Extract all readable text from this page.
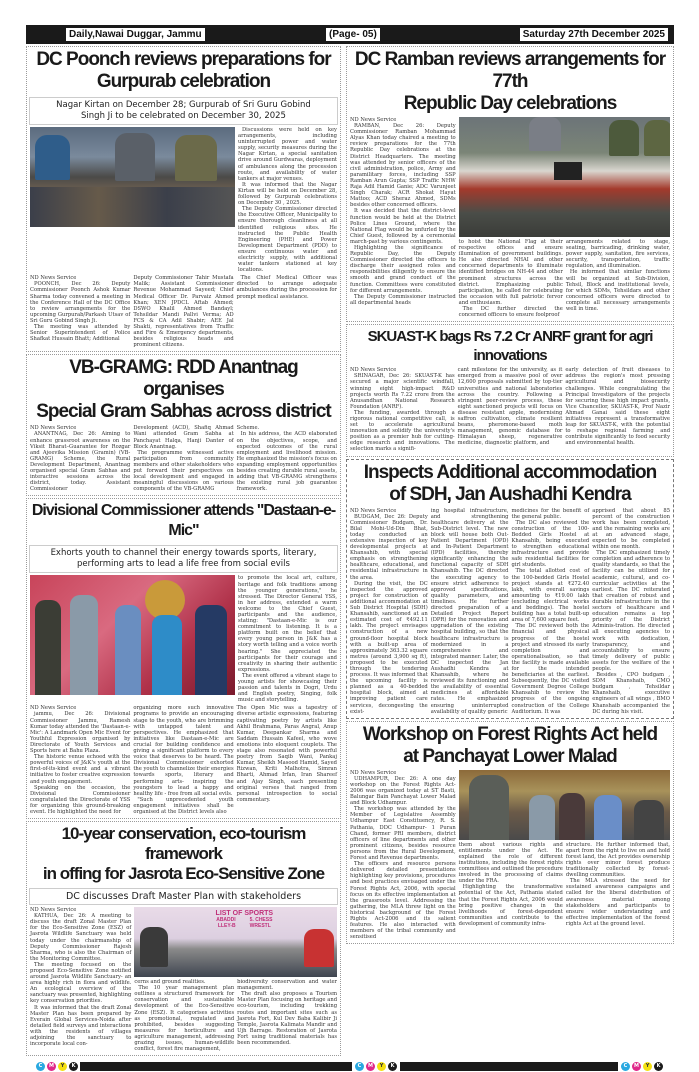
Daily,Nawai Duggar, Jammu	(Page- 05)	Saturday 27th December 2025
DC Poonch reviews preparations for
Gurpurab celebration
Nagar Kirtan on December 28; Gurpurab of Sri Guru Gobind
Singh Ji to be celebrated on December 30, 2025

Discussions were held on key arrangements, including uninterrupted power and water supply, security measures during the Nagar Kirtan, a special sanitation drive around Gurdwaras, deployment of ambulances along the procession route, and availability of water tankers at major venues.

It was informed that the Nagar Kirtan will be held on December 28, followed by Gurpurab celebrations on December 30 , 2025.

The Deputy Commissioner directed the Executive Officer, Municipality to ensure thorough cleanliness at all identified religious sites. He instructed the Public Health Engineering (PHE) and Power Development Department (PDD) to ensure continuous water and electricity supply, with additional water tankers stationed at key locations.

ND News Service

POONCH, Dec 26: Deputy Commissioner Poonch Ashok Kumar Sharma today convened a meeting in the Conference Hall of the DC Office to review arrangements for the upcoming Gurpurab/Parkash Utsav of Sri Guru Gobind Singh Ji.

The meeting was attended by Senior Superintendent of Police Shafkat Hussain Bhatt; Additional

Deputy Commissioner Tahir Mustafa Malik; Assistant Commissioner Revenue Mohammad Sayeed; Chief Medical Officer Dr. Parvaiz Ahmed Khan; XEN JPDCL Aftab Ahmed; DSWO Khalil Ahmed Bandayl; Tehsildar Mandi Pallvi Verma; AD FCS & CA Adil Shabir; AEE Jal Shakti, representatives from Traffic and Fire & Emergency departments, besides religious heads and prominent citizens.

The Chief Medical Officer was directed to arrange adequate ambulances during the procession for prompt medical assistance.

VB-GRAMG: RDD Anantnag organises
Special Gram Sabhas across district

ND News Service

ANANTNAG, Dec 26: Aiming to enhance grassroot awareness on the Viksit Bharat–Guarantee for Rozgar and Ajeevika Mission (Gramin) (VB-GRAMG) Scheme, the Rural Development Department, Anantnag organised special Gram Sabhas and interactive sessions across the district, today. Assistant Commissioner

Development (ACD), Shafiq Ahmad Wani attended Gram Sabha at Panchayat Halqa, Hanji Danter of Block Anantnag.

The programme witnessed active participation from community members and other stakeholders who put forward their perspectives on local development and engaged in meaningful discussions on various components of the VB-GRAMG

Scheme.

In his address, the ACD elaborated on the objectives, scope, and expected outcomes of the rural employment and livelihood mission. He emphasized the mission's focus on expanding employment opportunities besides creating durable rural assets, adding that VB-GRAMG strengthens the existing rural job guarantee framework.

Divisional Commissioner attends "Dastaan-e-Mic"
Exhorts youth to channel their energy towards sports, literary,
performing arts to lead a life free from social evils

to promote the local art, culture, heritage and folk traditions among the younger generations," he stressed. The Director General YSS, in her address, extended a warm welcome to the Chief Guest, participants and the audience, stating: "Dastaan-e-Mic is our commitment to listening. It is a platform built on the belief that every young person in J&K has a story worth telling and a voice worth hearing." She appreciated the participants for their courage and creativity in sharing their authentic expressions.

The event offered a vibrant stage to young artists for showcasing their passion and talents in Dogri, Urdu and English poetry, Singing, folk music and storytelling.

ND News Service

jammu, Dec 26: Divisional Commissioner Jammu, Ramesh Kumar today attended the 'Dastaan-e-Mic': A Landmark Open Mic Event for Youthful Expression organised by Directorate of Youth Services and Sports here at Bahu Plaza.

The historic venue echoed with the powerful voices of J&K's youth at the first-of-its-kind event and a vibrant initiative to foster creative expression and youth engagement.

Speaking on the occasion, the Divisional Commissioner congratulated the Directorate of YSS for organizing this ground-breaking event. He highlighted the need for

organizing more such innovative programs to provide an encouraging stage to the youth, who are brimming with untapped talent and perspectives. He emphasized that initiatives like Dastaan-e-Mic are crucial for building confidence and giving a significant platform to every voice that deserves to be heard. The Divisional Commissioner exhorted the youth to channelize their energies towards sports, literary and performing arts- inspiring the youngsters to lead a happy and healthy life - free from all social evils.

"Such unprecedented youth engagement initiatives shall be organised at the District levels also

The Open Mic was a tapestry of diverse artistic expressions, featuring captivating poetry by artists like Akhil Brahmana, Paras Angral, Anup Kumar, Deepankar Sharma and Saddam Hussain Kafeel, who wove emotions into eloquent couplets. The stage also resonated with powerful poetry from Saqib Wani, Pankaj Kumar, Sheikh Masood Hamid, Sayed Rizwan, Kriti Malhotra, Simran Bharti, Ahmad Irfan, Iran Shareef and Ajay Singh, each presenting original verses that ranged from personal introspection to social commentary.

10-year conservation, eco-tourism framework
in offing for Jasrota Eco-Sensitive Zone
DC discusses Draft Master Plan with stakeholders

ND News Service

KATHUA, Dec 26: A meeting to discuss the draft Zonal Master Plan for the Eco-Sensitive Zone (ESZ) of Jasrota Wildlife Sanctuary was held today under the chairmanship of Deputy Commissioner Rajesh Sharma, who is also the Chairman of the Monitoring Committee.

The meeting focused on the proposed Eco-Sensitive Zone notified around Jasrota Wildlife Sanctuary- an area highly rich in flora and wildlife. An ecological overview of the sanctuary was presented, highlighting key conservation priorities.

It was informed that the draft Zonal Master Plan has been prepared by Everain Global Services-Noida after detailed field surveys and interactions with the residents of villages adjoining the sanctuary to incorporate local con-

LIST OF SPORTS
ABADDI	5. CHESS
LLEY-B	WRESTL

cerns and ground realities.

The 10 year management plan outlines a structured framework for conservation and sustainable development of the Eco-Sensitive Zone (ESZ). It categorises activities as promotional, regulated and prohibited, besides suggesting measures for horticulture and agriculture management, addressing grazing issues, human-wildlife conflict, forest fire management,

biodiversity conservation and water management.

The draft also proposes a Tourism Master Plan focusing on heritage and eco-tourism, including trekking routes and important sites such as Jasrota Fort, Kul Dev Baba Kalibir Ji Temple, Jasrota Kalimata Mandir and Ujh Barrage. Restoration of Jasrota Fort using traditional materials has been recommended.

DC Ramban reviews arrangements for 77th
Republic Day celebrations

ND News Service

RAMBAN, Dec 26: Deputy Commissioner Ramban Mohammad Alyas Khan today chaired a meeting to review preparations for the 77th Republic Day celebrations at the District Headquarters. The meeting was attended by senior officers of the civil administration, police, Army and paramilitary forces, including SSP Ramban Arun Gupta; SSP Traffic NHW Raja Adil Hamid Ganie; ADC Varunjeet Singh Charak; ACR Shokat Hayat Mattoo; ACD Sheraz Ahmed, SDMs besides other concerned officers.

It was decided that the district-level function would be held at the District Police Lines Ground, where the National Flag would be unfurled by the Chief Guest, followed by a ceremonial march-past by various contingents.

Highlighting the significance of Republic Day, the Deputy Commissioner directed the officers to discharge their assigned roles and responsibilities diligently to ensure the smooth and grand conduct of the function. Committees were constituted for different arrangements.

The Deputy Commissioner instructed all departmental heads

to hoist the National Flag at their respective offices and ensure illumination of government buildings. He also directed NHAI and other concerned departments to illuminate identified bridges on NH-44 and other prominent structures across the district. Emphasizing public participation, he called for celebrating the occasion with full patriotic fervor and enthusiasm.

The DC further directed the concerned officers to ensure foolproof

arrangements related to stage, seating, barricading, drinking water, power supply, sanitation, fire services, security, transportation, traffic regulation, and illumination.

He informed that similar functions will be organized at Sub-Division, Tehsil, Block and institutional levels, for which SDMs, Tehsildars and other concerned officers were directed to complete all necessary arrangements well in time.

SKUAST-K bags Rs 7.2 Cr ANRF grant for agri innovations

ND News Service

SRINAGAR, Dec 26: SKUAST-K has secured a major scientific windfall, winning eight high-impact R&D projects worth Rs 7.22 crore from the Anusandhan National Research Foundation (ANRF).

The funding, awarded through a rigorous national competitive call, is set to accelerate agricultural innovation and solidify the university's position as a premier hub for cutting-edge research and innovations. The selection marks a signifi-

cant milestone for the university, as it emerged from a massive pool of over 12,600 proposals submitted by top-tier universities and national laboratories across the country. Following a stringent peer-review process, these eight sanctioned projects will focus on disease resistant apple, modernising saffron cultivation, climate resilient beans, pheromone-based moth management, genomic database for Himalayan sheep, regenerative medicine, diagnostic platform, and

early detection of fruit diseases to address the region's most pressing agricultural and biosecurity challenges. While congratulating the Principal Investigators of the projects for securing these high impact grants, Vice Chancellor, SKUAST-K, Prof Nazir Ahmad Ganai said these eight initiatives represent a transformative leap for SKUAST-K, with the potential to reshape regional farming and contribute significantly to food security and environmental health.

Inspects Additional accommodation
of SDH, Jan Aushadhi Kendra

ND News Service

BUDGAM, Dec 26: Deputy Commissioner Budgam, Dr. Bilal Mohi-Ud-Din Bhat, today conducted an extensive inspection of key developmental projects at Khansahib, with special emphasis on strengthening healthcare, educational, and residential infrastructure in the area.

During the visit, the DC inspected the approved project for construction of additional accommodation at Sub District Hospital (SDH) Khansahib, sanctioned at an estimated cost of ₹492.11 lakh. The project envisages construction of a new ground-floor hospital block with a built-up area of approximately 363.32 square metres (around 3,900 sq ft), proposed to be executed through the tendering process. It was informed that the upcoming facility is planned as a 40-bedded hospital block, aimed at improving patient care services, decongesting the exist-

ing hospital infrastructure, and strengthening healthcare delivery at the Sub-District level. The new block will house both Out-Patient Department (OPD) and In-Patient Department (IPD) facilities, thereby significantly enhancing the functional capacity of SDH Khansahib. The DC directed the executing agency to ensure strict adherence to approved specifications, quality parameters, and timelines. He further directed preparation of a Detailed Project Report (DPR) for the renovation and upgradation of the existing hospital building, so that the healthcare infrastructure is modernized in a comprehensive and integrated manner. Later, the DC inspected the Jan Aushadhi Kendra at Khansahib, where he reviewed its functioning and the availability of essential medicines at affordable rates. He emphasized ensuring uninterrupted availability of quality generic

medicines for the benefit of the general public.

The DC also reviewed the construction of the 100-Bedded Girls Hostel at Khansahib, being executed to strengthen educational infrastructure and provide safe residential facilities for girl students.

The total allotted cost of the 100-bedded Girls Hostel project stands at ₹272.40 lakh, with overall savings amounting to ₹19.00 lakh (excluding electrical works and beddings). The hostel building has a total built-up area of 7,600 square feet.

The DC reviewed both the financial and physical progress of the hostel project and stressed its early completion and operationalisation, so that the facility is made available for the intended beneficiaries at the earliest. Subsequently, the DC visited Government Degree College Khansahib to review the progress of the ongoing construction of the College Auditorium. It was

apprised that about 85 percent of the construction work has been completed, and the remaining works are at an advanced stage, expected to be completed within one month.

The DC emphasized timely completion and adherence to quality standards, so that the facility can be utilized for academic, cultural, and co-curricular activities at the earliest. The DC reiterated that creation of robust and durable infrastructure in the sectors of healthcare and education remains a top priority of the District Adminis-tration. He directed all executing agencies to work with dedication, transparency, and accountability to ensure timely delivery of public assets for the welfare of the people.

Besides , CPO budgam , SDM Khanshaib, CMO budgam , Tehsildar Khanshaib, executive engineers of all wings , BMO Khanshaib accompanied the DC during his visit.

Workshop on Forest Rights Act held
at Panchayat Lower Malad

ND News Service

UDHAMPUR, Dec 26: A one day workshop on the Forest Rights Act-2006 was organized today at ST Basti, Balungar Bain Panchayat Lower Malad and Block Udhampur.

The workshop was attended by the Member of Legislative Assembly Udhampur East Constituency, R. S. Pathania, DDC Udhampur- 1 Puran Chand, former PRI members, district officers of line departments and other prominent citizens, besides resource persons from the Rural Development, Forest and Revenue departments.

The officers and resource persons delivered detailed presentations highlighting key provisions, procedures and best practices envisaged under the Forest Rights Act, 2006, with special focus on its effective implementation at the grassroots level. Addressing the gathering, the MLA threw light on the historical background of the Forest Rights Act-2006 and its salient features. He also interacted with members of the tribal community and sensitised

them about various rights and entitlements under the Act. He explained the role of different institutions, including the forest rights committees and outlined the procedure involved in the processing of claims under the FRA.

Highlighting the transformative potential of the Act, Pathania stated that the Forest Rights Act, 2006 would bring positive changes in the livelihoods of forest-dependent communities and contribute to the development of community infra-

structure. He further informed that, apart from the right to live on and hold forest land, the Act provides ownership rights over minor forest produce traditionally collected by forest-dwelling communities.

The MLA stressed the need for sustained awareness campaigns and called for the liberal distribution of awareness material among stakeholders and participants to ensure wider understanding and effective implementation of the forest rights Act at the ground level.

C	M	Y	K	C	M	Y	K	C	M	Y	K
